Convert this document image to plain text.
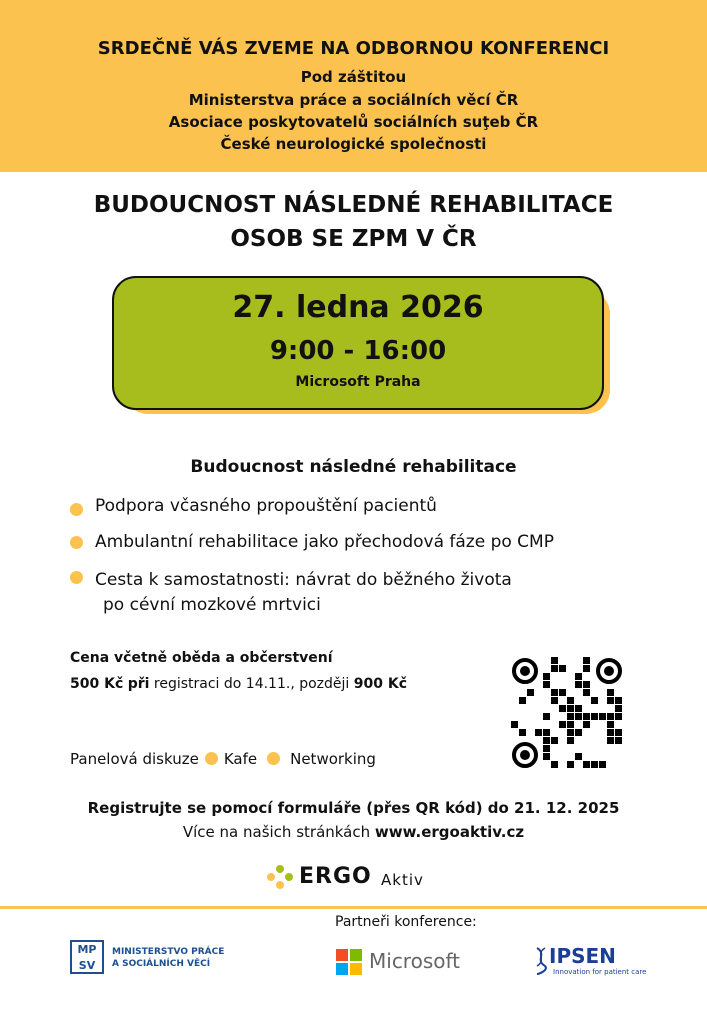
SRDEČNĚ VÁS ZVEME NA ODBORNOU KONFERENCI
Pod záštitou
Ministerstva práce a sociálních věcí ČR
Asociace poskytovatelů sociálních suţeb ČR
České neurologické společnosti
BUDOUCNOST NÁSLEDNÉ REHABILITACE
OSOB SE ZPM V ČR
27. ledna 2026
9:00 - 16:00
Microsoft Praha
Budoucnost následné rehabilitace
Podpora včasného propouštění pacientů
Ambulantní rehabilitace jako přechodová fáze po CMP
Cesta k samostatnosti: návrat do běžného života
po cévní mozkové mrtvici
Cena včetně oběda a občerstvení
500 Kč při registraci do 14.11., později 900 Kč
Panelová diskuze Kafe Networking
Registrujte se pomocí formuláře (přes QR kód) do 21. 12. 2025
Více na našich stránkách www.ergoaktiv.cz
ERGO Aktiv
Partneři konference:
MP SV
MINISTERSTVO PRÁCE
A SOCIÁLNÍCH VĚCÍ	Microsoft	IPSEN
Innovation for patient care
